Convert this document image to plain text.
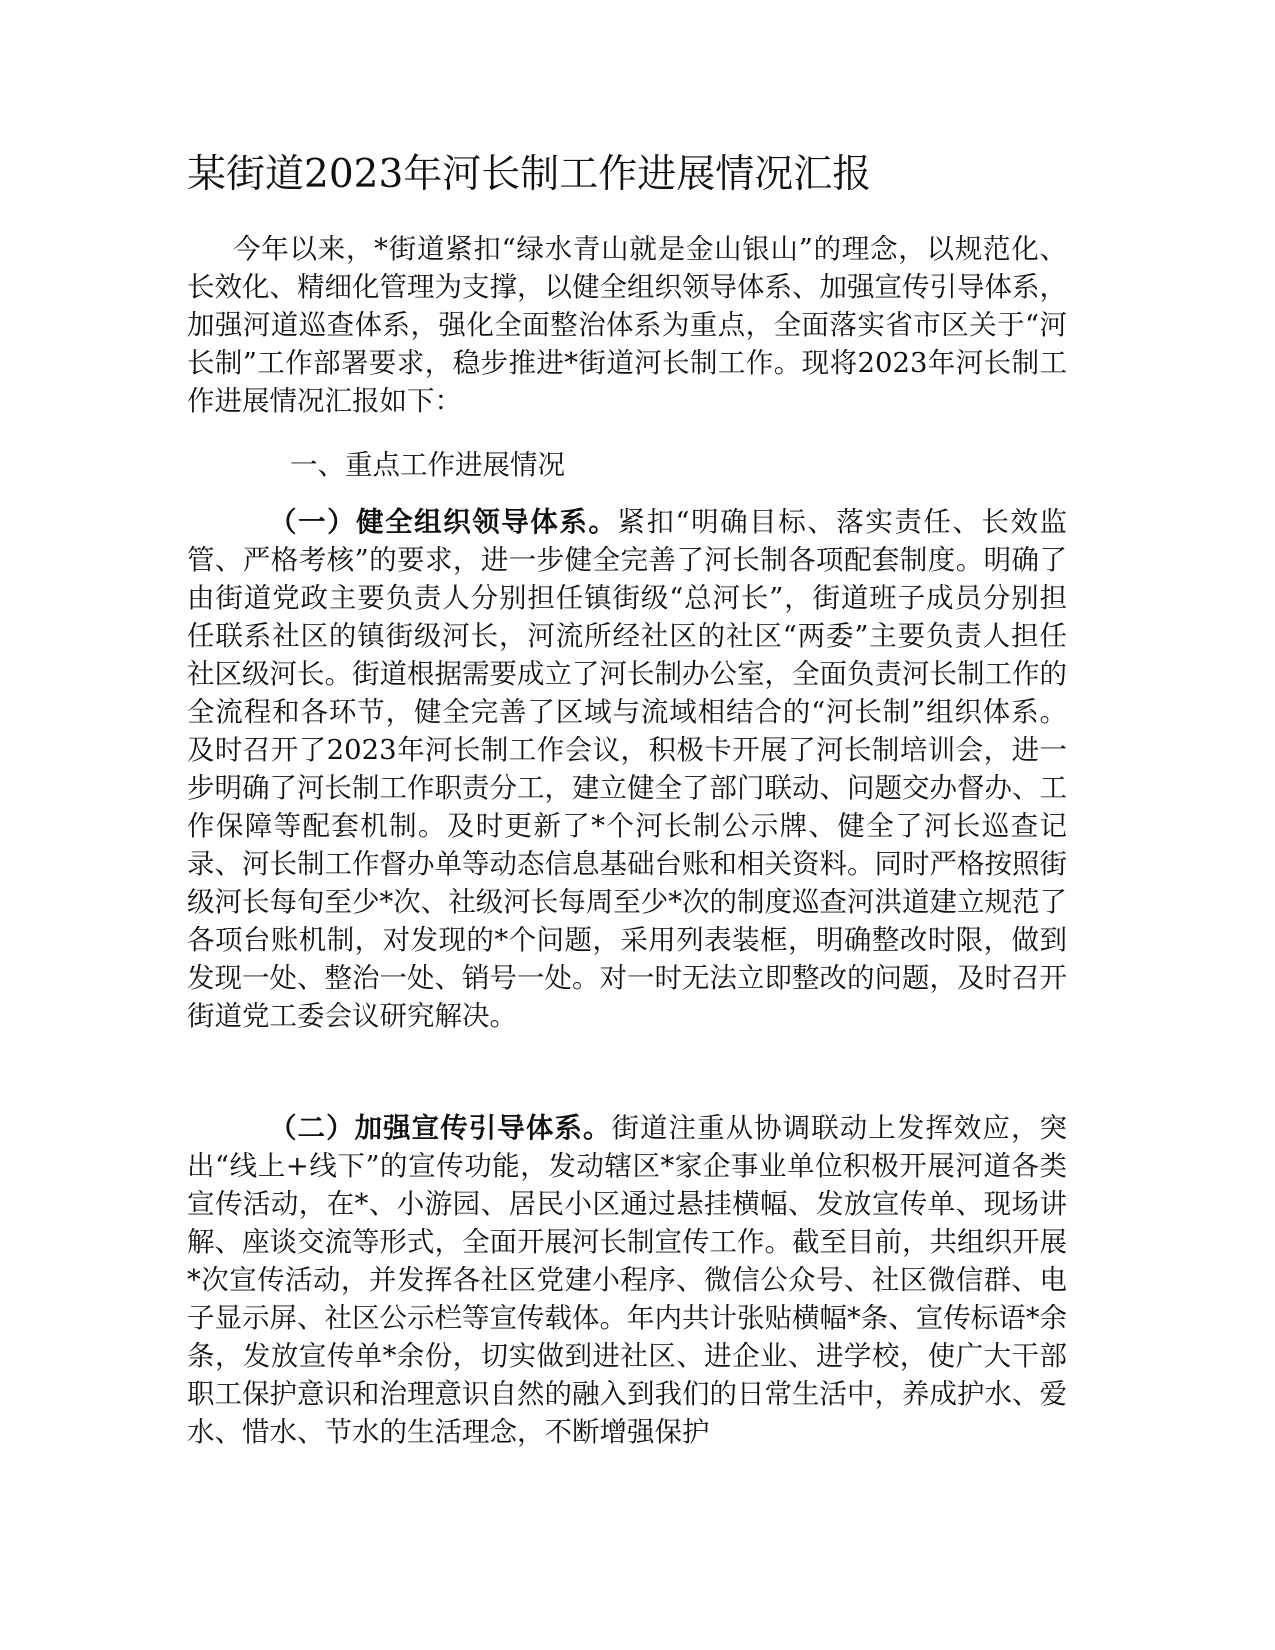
某街道2023年河长制工作进展情况汇报

今年以来，*街道紧扣“绿水青山就是金山银山”的理念，以规范化、长效化、精细化管理为支撑，以健全组织领导体系、加强宣传引导体系，加强河道巡查体系，强化全面整治体系为重点，全面落实省市区关于“河长制”工作部署要求，稳步推进*街道河长制工作。现将2023年河长制工作进展情况汇报如下：

一、重点工作进展情况

（一）健全组织领导体系。紧扣“明确目标、落实责任、长效监管、严格考核”的要求，进一步健全完善了河长制各项配套制度。明确了由街道党政主要负责人分别担任镇街级“总河长”，街道班子成员分别担任联系社区的镇街级河长，河流所经社区的社区“两委”主要负责人担任社区级河长。街道根据需要成立了河长制办公室，全面负责河长制工作的全流程和各环节，健全完善了区域与流域相结合的“河长制”组织体系。及时召开了2023年河长制工作会议，积极卡开展了河长制培训会，进一步明确了河长制工作职责分工，建立健全了部门联动、问题交办督办、工作保障等配套机制。及时更新了*个河长制公示牌、健全了河长巡查记录、河长制工作督办单等动态信息基础台账和相关资料。同时严格按照街级河长每旬至少*次、社级河长每周至少*次的制度巡查河洪道建立规范了各项台账机制，对发现的*个问题，采用列表装框，明确整改时限，做到发现一处、整治一处、销号一处。对一时无法立即整改的问题，及时召开街道党工委会议研究解决。

（二）加强宣传引导体系。街道注重从协调联动上发挥效应，突出“线上+线下”的宣传功能，发动辖区*家企事业单位积极开展河道各类宣传活动，在*、小游园、居民小区通过悬挂横幅、发放宣传单、现场讲解、座谈交流等形式，全面开展河长制宣传工作。截至目前，共组织开展*次宣传活动，并发挥各社区党建小程序、微信公众号、社区微信群、电子显示屏、社区公示栏等宣传载体。年内共计张贴横幅*条、宣传标语*余条，发放宣传单*余份，切实做到进社区、进企业、进学校，使广大干部职工保护意识和治理意识自然的融入到我们的日常生活中，养成护水、爱水、惜水、节水的生活理念，不断增强保护
